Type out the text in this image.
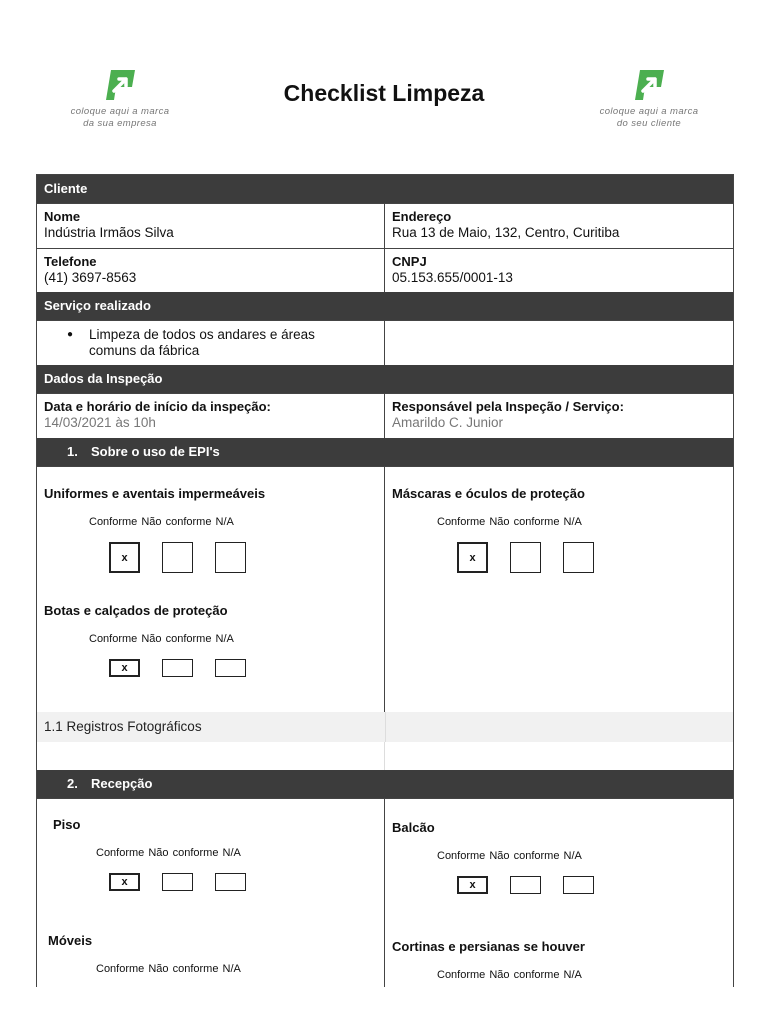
coloque aqui a marca
da sua empresa
Checklist Limpeza
coloque aqui a marca
do seu cliente
Cliente
Nome
Indústria Irmãos Silva
Endereço
Rua 13 de Maio, 132, Centro, Curitiba
Telefone
(41) 3697-8563
CNPJ
05.153.655/0001-13
Serviço realizado
● Limpeza de todos os andares e áreas
comuns da fábrica
Dados da Inspeção
Data e horário de início da inspeção:
14/03/2021 às 10h
Responsável pela Inspeção / Serviço:
Amarildo C. Junior
1. Sobre o uso de EPI's
Uniformes e aventais impermeáveis
Conforme Não conforme N/A
x
Botas e calçados de proteção
Conforme Não conforme N/A
x
Máscaras e óculos de proteção
Conforme Não conforme N/A
x
1.1 Registros Fotográficos
2. Recepção
Piso
Conforme Não conforme N/A
x
Móveis
Conforme Não conforme N/A
Balcão
Conforme Não conforme N/A
x
Cortinas e persianas se houver
Conforme Não conforme N/A
